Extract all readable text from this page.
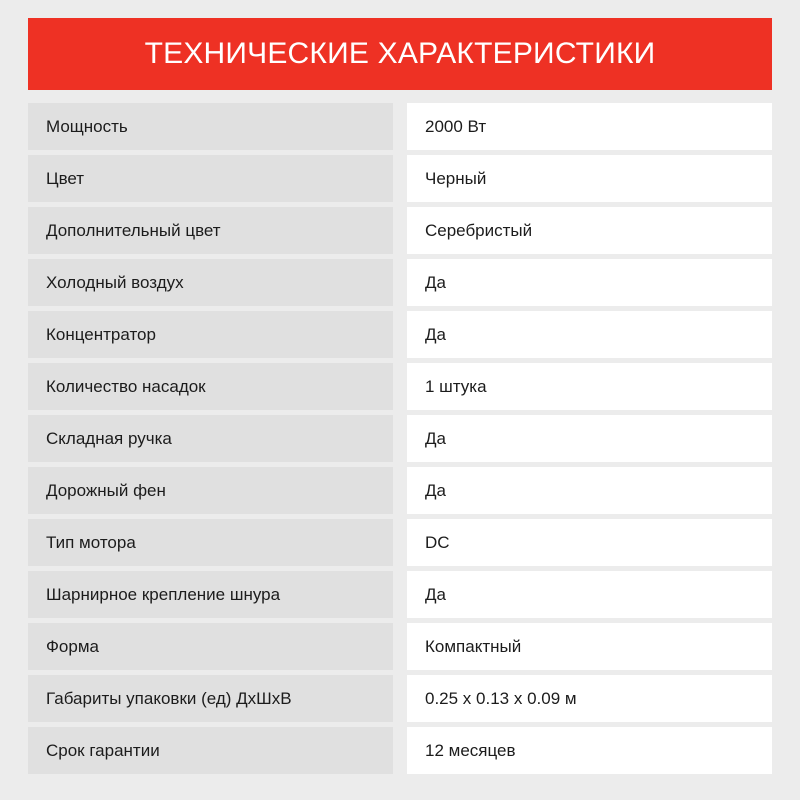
ТЕХНИЧЕСКИЕ ХАРАКТЕРИСТИКИ
Мощность	2000 Вт
Цвет	Черный
Дополнительный цвет	Серебристый
Холодный воздух	Да
Концентратор	Да
Количество насадок	1 штука
Складная ручка	Да
Дорожный фен	Да
Тип мотора	DC
Шарнирное крепление шнура	Да
Форма	Компактный
Габариты упаковки (ед) ДхШхВ	0.25 x 0.13 x 0.09 м
Срок гарантии	12 месяцев
